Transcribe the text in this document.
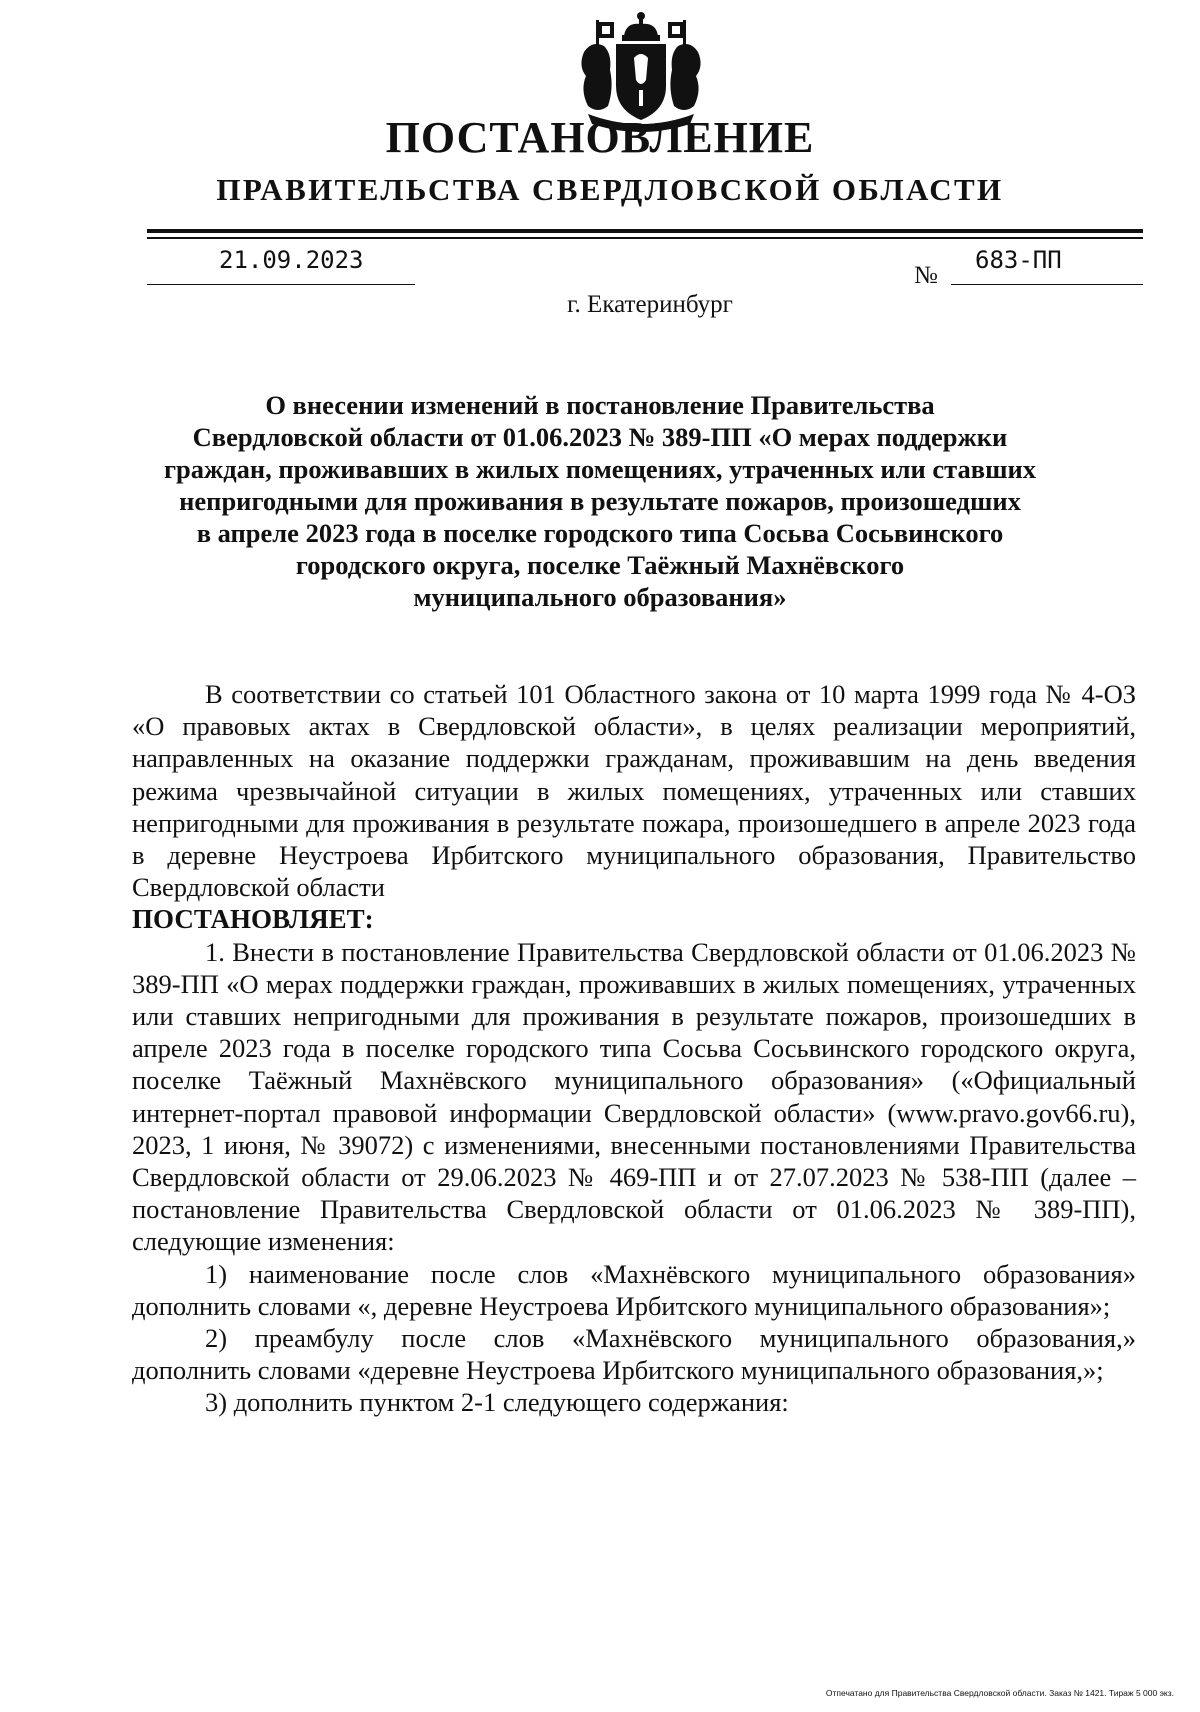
ПОСТАНОВЛЕНИЕ
ПРАВИТЕЛЬСТВА СВЕРДЛОВСКОЙ ОБЛАСТИ
21.09.2023
№
683-ПП
г. Екатеринбург
О внесении изменений в постановление Правительства
Свердловской области от 01.06.2023 № 389-ПП «О мерах поддержки
граждан, проживавших в жилых помещениях, утраченных или ставших
непригодными для проживания в результате пожаров, произошедших
в апреле 2023 года в поселке городского типа Сосьва Сосьвинского
городского округа, поселке Таёжный Махнёвского
муниципального образования»

В соответствии со статьей 101 Областного закона от 10 марта 1999 года № 4-ОЗ «О правовых актах в Свердловской области», в целях реализации мероприятий, направленных на оказание поддержки гражданам, проживавшим на день введения режима чрезвычайной ситуации в жилых помещениях, утраченных или ставших непригодными для проживания в результате пожара, произошедшего в апреле 2023 года в деревне Неустроева Ирбитского муниципального образования, Правительство Свердловской области

ПОСТАНОВЛЯЕТ:

1. Внести в постановление Правительства Свердловской области от 01.06.2023 № 389-ПП «О мерах поддержки граждан, проживавших в жилых помещениях, утраченных или ставших непригодными для проживания в результате пожаров, произошедших в апреле 2023 года в поселке городского типа Сосьва Сосьвинского городского округа, поселке Таёжный Махнёвского муниципального образования» («Официальный интернет-портал правовой информации Свердловской области» (www.pravo.gov66.ru), 2023, 1 июня, № 39072) с изменениями, внесенными постановлениями Правительства Свердловской области от 29.06.2023 № 469-ПП и от 27.07.2023 № 538-ПП (далее – постановление Правительства Свердловской области от 01.06.2023 № 389-ПП), следующие изменения:

1) наименование после слов «Махнёвского муниципального образования» дополнить словами «, деревне Неустроева Ирбитского муниципального образования»;

2) преамбулу после слов «Махнёвского муниципального образования,» дополнить словами «деревне Неустроева Ирбитского муниципального образования,»;

3) дополнить пунктом 2-1 следующего содержания:

Отпечатано для Правительства Свердловской области. Заказ № 1421. Тираж 5 000 экз.
